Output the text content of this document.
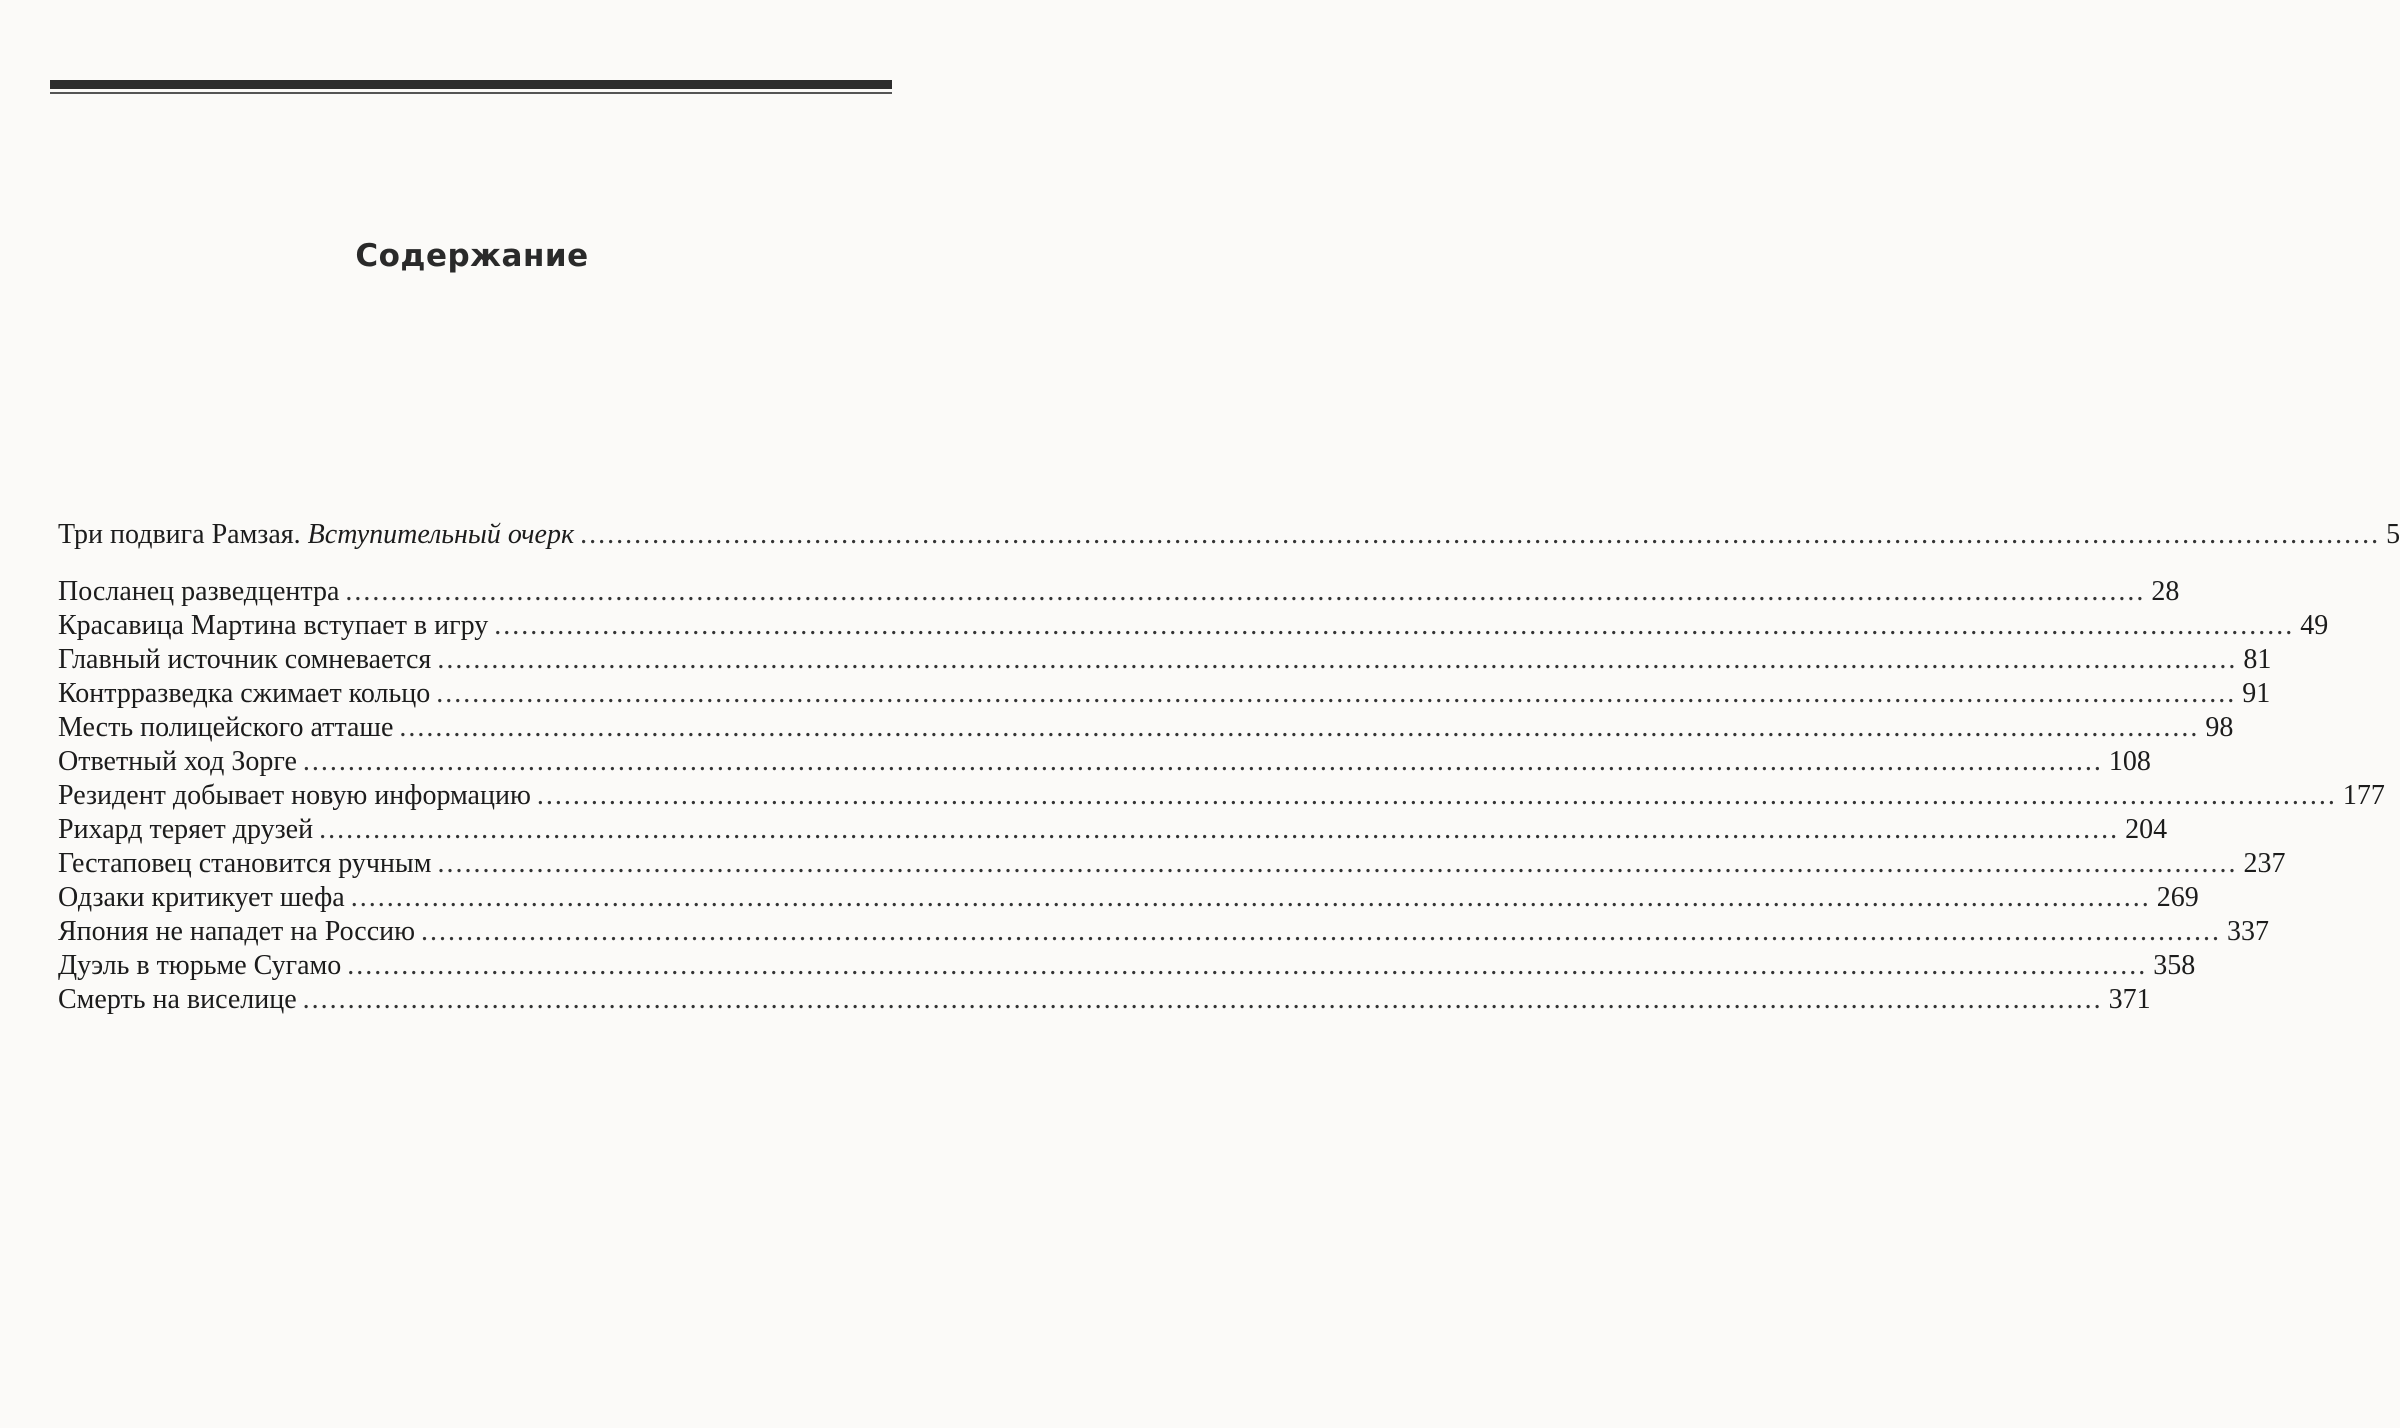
Содержание
Три подвига Рамзая. Вступительный очерк ........................................................................................................................................................................................................ 5
Посланец разведцентра ........................................................................................................................................................................................................ 28
Красавица Мартина вступает в игру ........................................................................................................................................................................................................ 49
Главный источник сомневается ........................................................................................................................................................................................................ 81
Контрразведка сжимает кольцо ........................................................................................................................................................................................................ 91
Месть полицейского атташе ........................................................................................................................................................................................................ 98
Ответный ход Зорге ........................................................................................................................................................................................................ 108
Резидент добывает новую информацию ........................................................................................................................................................................................................ 177
Рихард теряет друзей ........................................................................................................................................................................................................ 204
Гестаповец становится ручным ........................................................................................................................................................................................................ 237
Одзаки критикует шефа ........................................................................................................................................................................................................ 269
Япония не нападет на Россию ........................................................................................................................................................................................................ 337
Дуэль в тюрьме Сугамо ........................................................................................................................................................................................................ 358
Смерть на виселице ........................................................................................................................................................................................................ 371
